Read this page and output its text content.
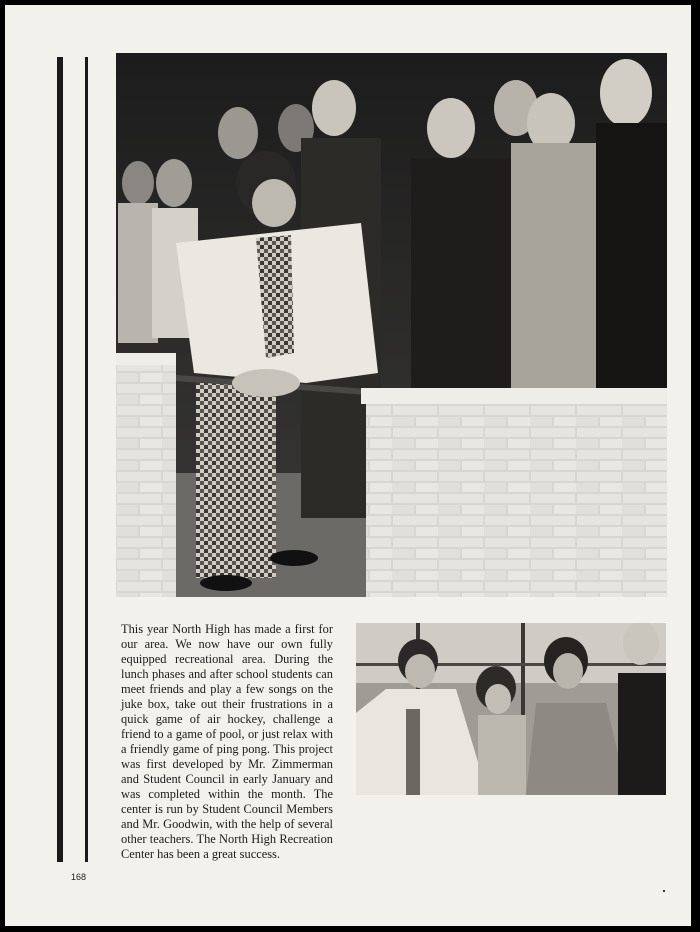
This year North High has made a first for our area. We now have our own fully equipped recreational area. During the lunch phases and after school students can meet friends and play a few songs on the juke box, take out their frustrations in a quick game of air hockey, challenge a friend to a game of pool, or just relax with a friendly game of ping pong. This project was first developed by Mr. Zimmerman and Student Council in early January and was completed within the month. The center is run by Student Council Members and Mr. Goodwin, with the help of several other teachers. The North High Recreation Center has been a great success.

168
